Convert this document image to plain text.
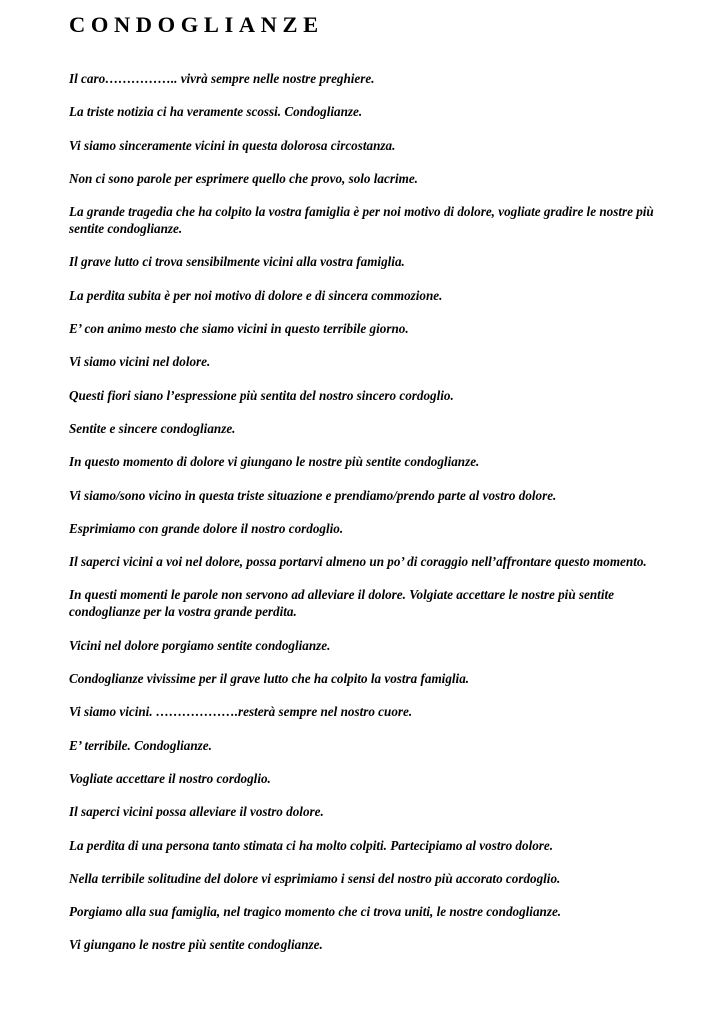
CONDOGLIANZE
Il caro…………….. vivrà sempre nelle nostre preghiere.
La triste notizia ci ha veramente scossi. Condoglianze.
Vi siamo sinceramente vicini in questa dolorosa circostanza.
Non ci sono parole per esprimere quello che provo, solo lacrime.
La grande tragedia che ha colpito la vostra famiglia è per noi motivo di dolore, vogliate gradire le nostre più sentite condoglianze.
Il grave lutto ci trova sensibilmente vicini alla vostra famiglia.
La perdita subita è per noi motivo di dolore e di sincera commozione.
E’ con animo mesto che siamo vicini in questo terribile giorno.
Vi siamo vicini nel dolore.
Questi fiori siano l’espressione più sentita del nostro sincero cordoglio.
Sentite e sincere condoglianze.
In questo momento di dolore vi giungano le nostre più sentite condoglianze.
Vi siamo/sono vicino in questa triste situazione e prendiamo/prendo parte al vostro dolore.
Esprimiamo con grande dolore il nostro cordoglio.
Il saperci vicini a voi nel dolore, possa portarvi almeno un po’ di coraggio nell’affrontare questo momento.
In questi momenti le parole non servono ad alleviare il dolore. Volgiate accettare le nostre più sentite condoglianze per la vostra grande perdita.
Vicini nel dolore porgiamo sentite condoglianze.
Condoglianze vivissime per il grave lutto che ha colpito la vostra famiglia.
Vi siamo vicini. ……………….resterà sempre nel nostro cuore.
E’ terribile. Condoglianze.
Vogliate accettare il nostro cordoglio.
Il saperci vicini possa alleviare il vostro dolore.
La perdita di una persona tanto stimata ci ha molto colpiti. Partecipiamo al vostro dolore.
Nella terribile solitudine del dolore vi esprimiamo i sensi del nostro più accorato cordoglio.
Porgiamo alla sua famiglia, nel tragico momento che ci trova uniti, le nostre condoglianze.
Vi giungano le nostre più sentite condoglianze.
